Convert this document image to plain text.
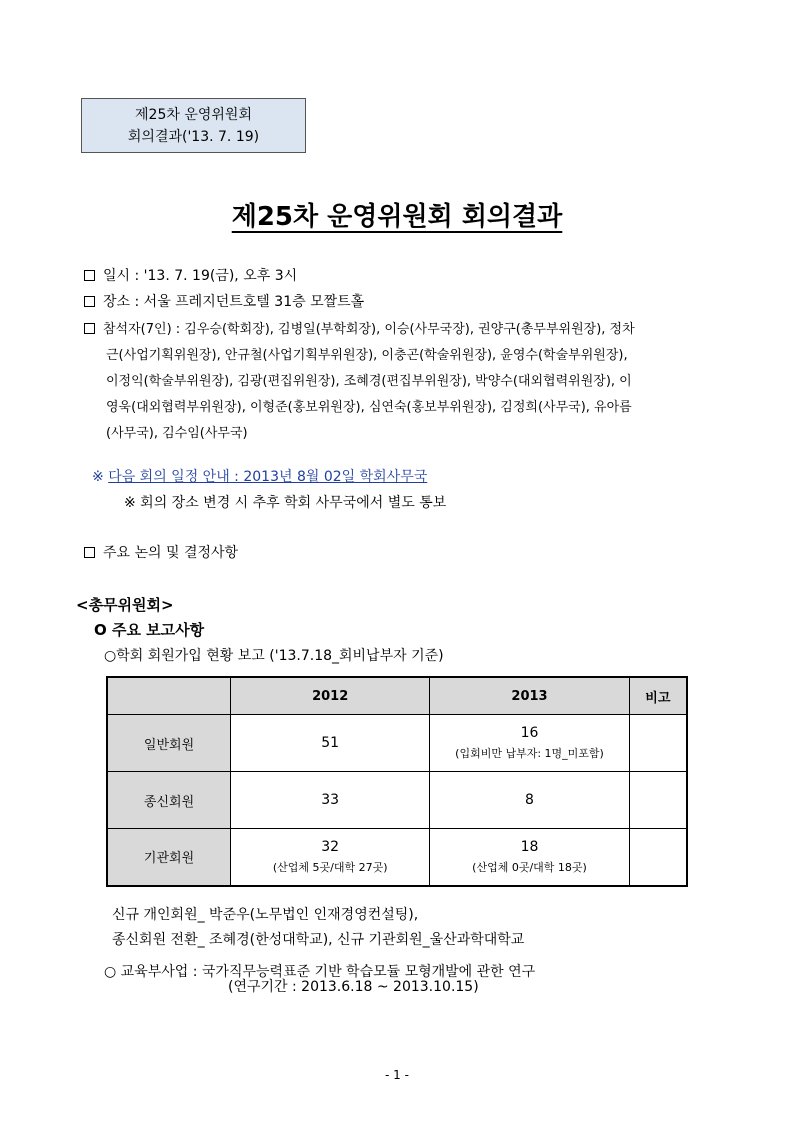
제25차 운영위원회
회의결과('13. 7. 19)
제25차 운영위원회 회의결과
일시 : '13. 7. 19(금), 오후 3시
장소 : 서울 프레지던트호텔 31층 모짤트홀
참석자(7인) : 김우승(학회장), 김병일(부학회장), 이승(사무국장), 권양구(총무부위원장), 정차
근(사업기획위원장), 안규철(사업기획부위원장), 이충곤(학술위원장), 윤영수(학술부위원장),
이정익(학술부위원장), 김광(편집위원장), 조혜경(편집부위원장), 박양수(대외협력위원장), 이
영욱(대외협력부위원장), 이형준(홍보위원장), 심연숙(홍보부위원장), 김정희(사무국), 유아름
(사무국), 김수임(사무국)
※ 다음 회의 일정 안내 : 2013년 8월 02일 학회사무국
※ 회의 장소 변경 시 추후 학회 사무국에서 별도 통보
주요 논의 및 결정사항
<총무위원회>
O 주요 보고사항
○학회 회원가입 현황 보고 ('13.7.18_회비납부자 기준)
	2012	2013	비고
일반회원	51	16
(입회비만 납부자: 1명_미포함)	

종신회원	33	8	

기관회원	32
(산업체 5곳/대학 27곳)	18
(산업체 0곳/대학 18곳)	

신규 개인회원_ 박준우(노무법인 인재경영컨설팅),
종신회원 전환_ 조혜경(한성대학교), 신규 기관회원_울산과학대학교
○ 교육부사업 : 국가직무능력표준 기반 학습모듈 모형개발에 관한 연구
(연구기간 : 2013.6.18 ~ 2013.10.15)
- 1 -
